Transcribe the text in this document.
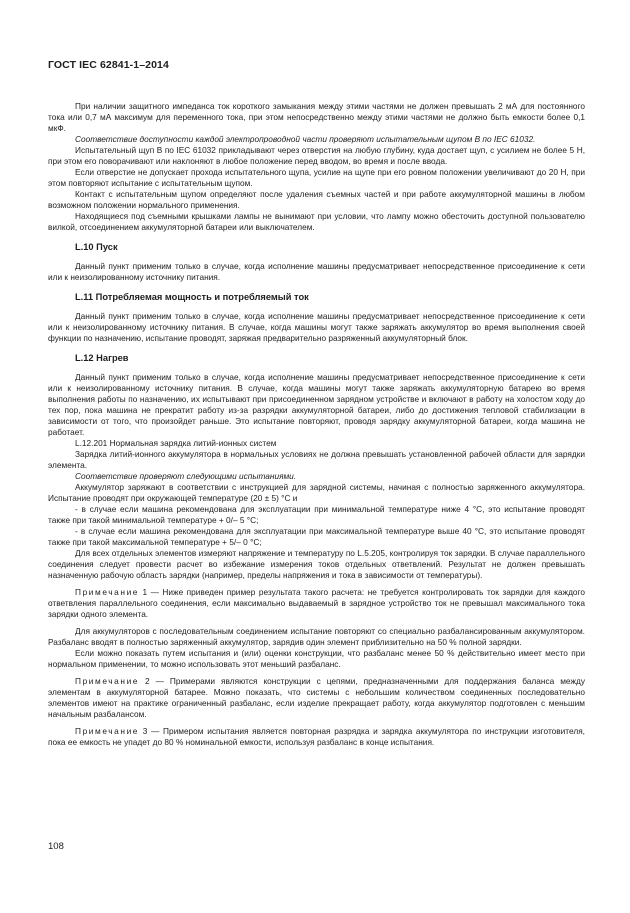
ГОСТ IEC 62841-1–2014

При наличии защитного импеданса ток короткого замыкания между этими частями не должен превышать 2 мА для постоянного тока или 0,7 мА максимум для переменного тока, при этом непосредственно между этими частями не должно быть емкости более 0,1 мкФ.

Соответствие доступности каждой электропроводной части проверяют испытательным щупом B по IEC 61032.

Испытательный щуп B по IEC 61032 прикладывают через отверстия на любую глубину, куда достает щуп, с усилием не более 5 Н, при этом его поворачивают или наклоняют в любое положение перед вводом, во время и после ввода.

Если отверстие не допускает прохода испытательного щупа, усилие на щупе при его ровном положении увеличивают до 20 Н, при этом повторяют испытание с испытательным щупом.

Контакт с испытательным щупом определяют после удаления съемных частей и при работе аккумуляторной машины в любом возможном положении нормального применения.

Находящиеся под съемными крышками лампы не вынимают при условии, что лампу можно обесточить доступной пользователю вилкой, отсоединением аккумуляторной батареи или выключателем.

L.10 Пуск

Данный пункт применим только в случае, когда исполнение машины предусматривает непосредственное присоединение к сети или к неизолированному источнику питания.

L.11 Потребляемая мощность и потребляемый ток

Данный пункт применим только в случае, когда исполнение машины предусматривает непосредственное присоединение к сети или к неизолированному источнику питания. В случае, когда машины могут также заряжать аккумулятор во время выполнения своей функции по назначению, испытание проводят, заряжая предварительно разряженный аккумуляторный блок.

L.12 Нагрев

Данный пункт применим только в случае, когда исполнение машины предусматривает непосредственное присоединение к сети или к неизолированному источнику питания. В случае, когда машины могут также заряжать аккумуляторную батарею во время выполнения работы по назначению, их испытывают при присоединенном зарядном устройстве и включают в работу на холостом ходу до тех пор, пока машина не прекратит работу из-за разрядки аккумуляторной батареи, либо до достижения тепловой стабилизации в зависимости от того, что произойдет раньше. Это испытание повторяют, проводя зарядку аккумуляторной батареи, когда машина не работает.

L.12.201 Нормальная зарядка литий-ионных систем

Зарядка литий-ионного аккумулятора в нормальных условиях не должна превышать установленной рабочей области для зарядки элемента.

Соответствие проверяют следующими испытаниями.

Аккумулятор заряжают в соответствии с инструкцией для зарядной системы, начиная с полностью заряженного аккумулятора. Испытание проводят при окружающей температуре (20 ± 5) °С и

- в случае если машина рекомендована для эксплуатации при минимальной температуре ниже 4 °С, это испытание проводят также при такой минимальной температуре + 0/– 5 °С;

- в случае если машина рекомендована для эксплуатации при максимальной температуре выше 40 °С, это испытание проводят также при такой максимальной температуре + 5/– 0 °С;

Для всех отдельных элементов измеряют напряжение и температуру по L.5.205, контролируя ток зарядки. В случае параллельного соединения следует провести расчет во избежание измерения токов отдельных ответвлений. Результат не должен превышать назначенную рабочую область зарядки (например, пределы напряжения и тока в зависимости от температуры).

Примечание 1 — Ниже приведен пример результата такого расчета: не требуется контролировать ток зарядки для каждого ответвления параллельного соединения, если максимально выдаваемый в зарядное устройство ток не превышал максимального тока зарядки одного элемента.

Для аккумуляторов с последовательным соединением испытание повторяют со специально разбалансированным аккумулятором. Разбаланс вводят в полностью заряженный аккумулятор, зарядив один элемент приблизительно на 50 % полной зарядки.

Если можно показать путем испытания и (или) оценки конструкции, что разбаланс менее 50 % действительно имеет место при нормальном применении, то можно использовать этот меньший разбаланс.

Примечание 2 — Примерами являются конструкции с цепями, предназначенными для поддержания баланса между элементам в аккумуляторной батарее. Можно показать, что системы с небольшим количеством соединенных последовательно элементов имеют на практике ограниченный разбаланс, если изделие прекращает работу, когда аккумулятор подготовлен с меньшим начальным разбалансом.

Примечание 3 — Примером испытания является повторная разрядка и зарядка аккумулятора по инструкции изготовителя, пока ее емкость не упадет до 80 % номинальной емкости, используя разбаланс в конце испытания.

108
